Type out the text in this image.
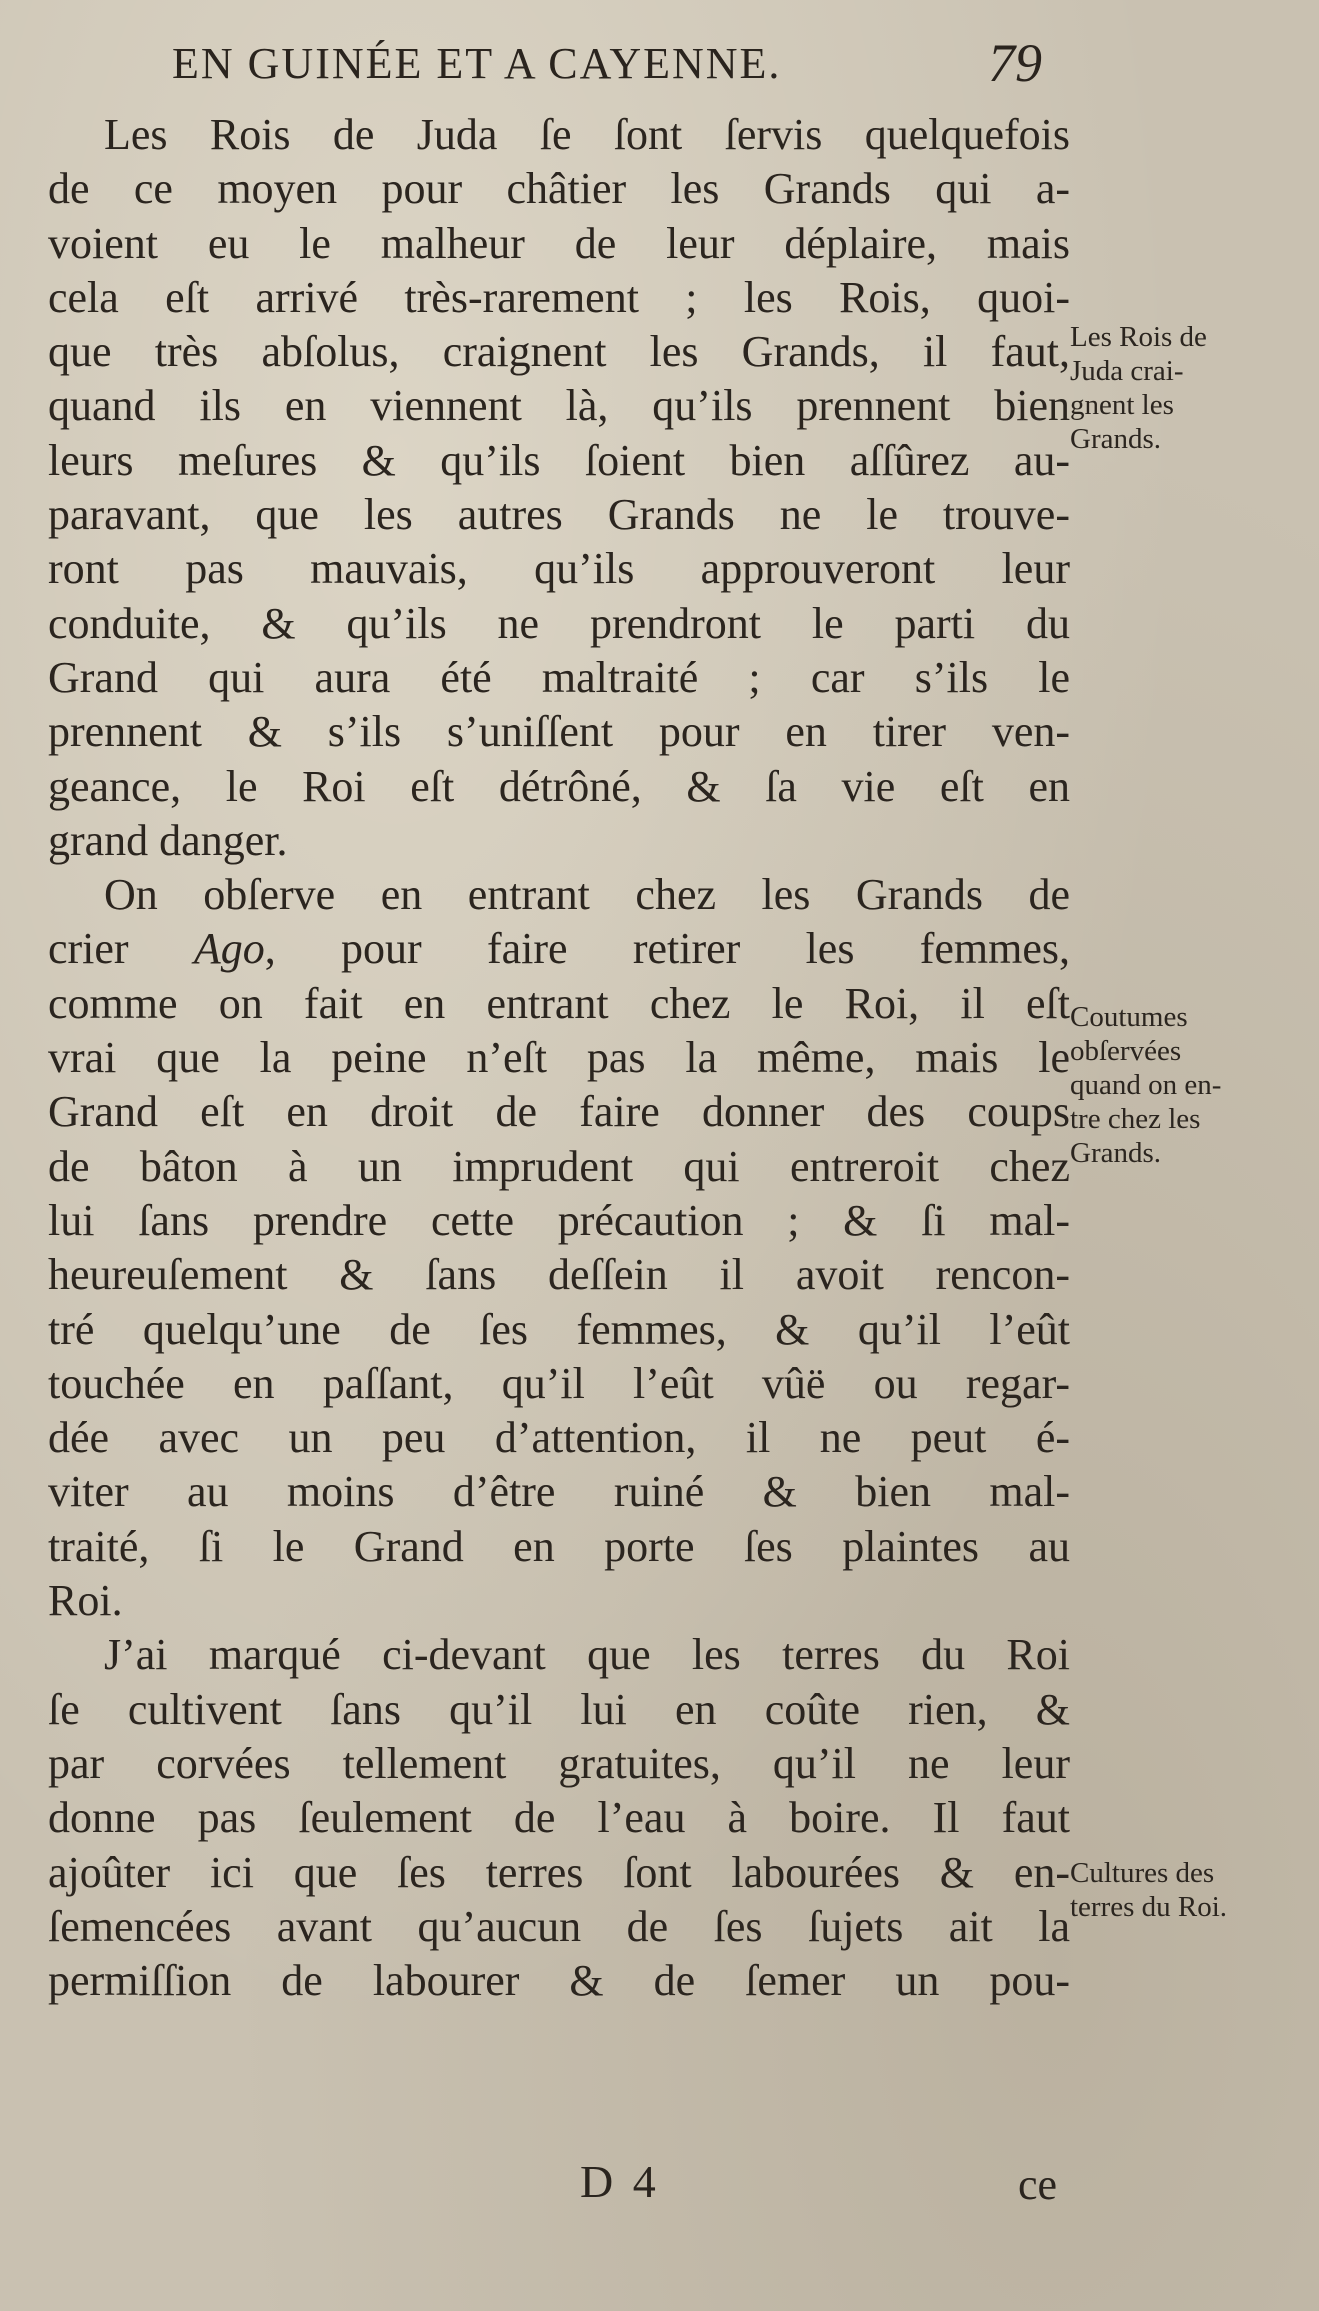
EN GUINÉE ET A CAYENNE.	79
Les Rois de Juda ſe ſont ſervis quelquefois
de ce moyen pour châtier les Grands qui a-
voient eu le malheur de leur déplaire, mais
cela eſt arrivé très-rarement ; les Rois, quoi-
que très abſolus, craignent les Grands, il faut,
quand ils en viennent là, qu’ils prennent bien
leurs meſures & qu’ils ſoient bien aſſûrez au-
paravant, que les autres Grands ne le trouve-
ront pas mauvais, qu’ils approuveront leur
conduite, & qu’ils ne prendront le parti du
Grand qui aura été maltraité ; car s’ils le
prennent & s’ils s’uniſſent pour en tirer ven-
geance, le Roi eſt détrôné, & ſa vie eſt en
grand danger.
On obſerve en entrant chez les Grands de
crier Ago, pour faire retirer les femmes,
comme on fait en entrant chez le Roi, il eſt
vrai que la peine n’eſt pas la même, mais le
Grand eſt en droit de faire donner des coups
de bâton à un imprudent qui entreroit chez
lui ſans prendre cette précaution ; & ſi mal-
heureuſement & ſans deſſein il avoit rencon-
tré quelqu’une de ſes femmes, & qu’il l’eût
touchée en paſſant, qu’il l’eût vûë ou regar-
dée avec un peu d’attention, il ne peut é-
viter au moins d’être ruiné & bien mal-
traité, ſi le Grand en porte ſes plaintes au
Roi.
J’ai marqué ci-devant que les terres du Roi
ſe cultivent ſans qu’il lui en coûte rien, &
par corvées tellement gratuites, qu’il ne leur
donne pas ſeulement de l’eau à boire. Il faut
ajoûter ici que ſes terres ſont labourées & en-
ſemencées avant qu’aucun de ſes ſujets ait la
permiſſion de labourer & de ſemer un pou-
Les Rois de
Juda crai-
gnent les
Grands.
Coutumes
obſervées
quand on en-
tre chez les
Grands.
Cultures des
terres du Roi.
D 4	ce
